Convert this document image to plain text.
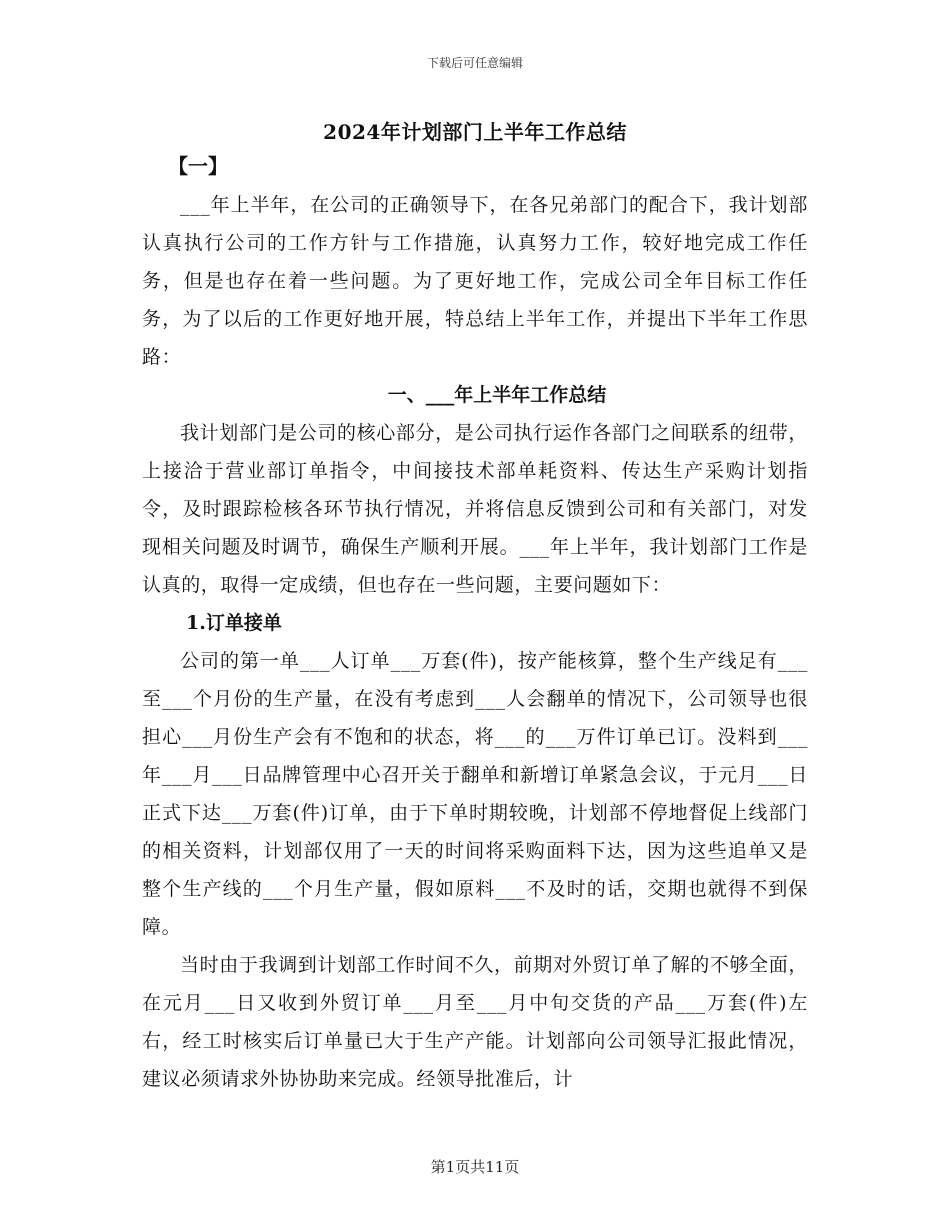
下载后可任意编辑
2024年计划部门上半年工作总结
【一】

___年上半年，在公司的正确领导下，在各兄弟部门的配合下，我计划部认真执行公司的工作方针与工作措施，认真努力工作，较好地完成工作任务，但是也存在着一些问题。为了更好地工作，完成公司全年目标工作任务，为了以后的工作更好地开展，特总结上半年工作，并提出下半年工作思路：

一、___年上半年工作总结

我计划部门是公司的核心部分，是公司执行运作各部门之间联系的纽带，上接洽于营业部订单指令，中间接技术部单耗资料、传达生产采购计划指令，及时跟踪检核各环节执行情况，并将信息反馈到公司和有关部门，对发现相关问题及时调节，确保生产顺利开展。___年上半年，我计划部门工作是认真的，取得一定成绩，但也存在一些问题，主要问题如下：

1.订单接单

公司的第一单___人订单___万套(件)，按产能核算，整个生产线足有___至___个月份的生产量，在没有考虑到___人会翻单的情况下，公司领导也很担心___月份生产会有不饱和的状态，将___的___万件订单已订。没料到___年___月___日品牌管理中心召开关于翻单和新增订单紧急会议，于元月___日正式下达___万套(件)订单，由于下单时期较晚，计划部不停地督促上线部门的相关资料，计划部仅用了一天的时间将采购面料下达，因为这些追单又是整个生产线的___个月生产量，假如原料___不及时的话，交期也就得不到保障。

当时由于我调到计划部工作时间不久，前期对外贸订单了解的不够全面，在元月___日又收到外贸订单___月至___月中旬交货的产品___万套(件)左右，经工时核实后订单量已大于生产产能。计划部向公司领导汇报此情况，建议必须请求外协协助来完成。经领导批准后，计

第1页共11页
